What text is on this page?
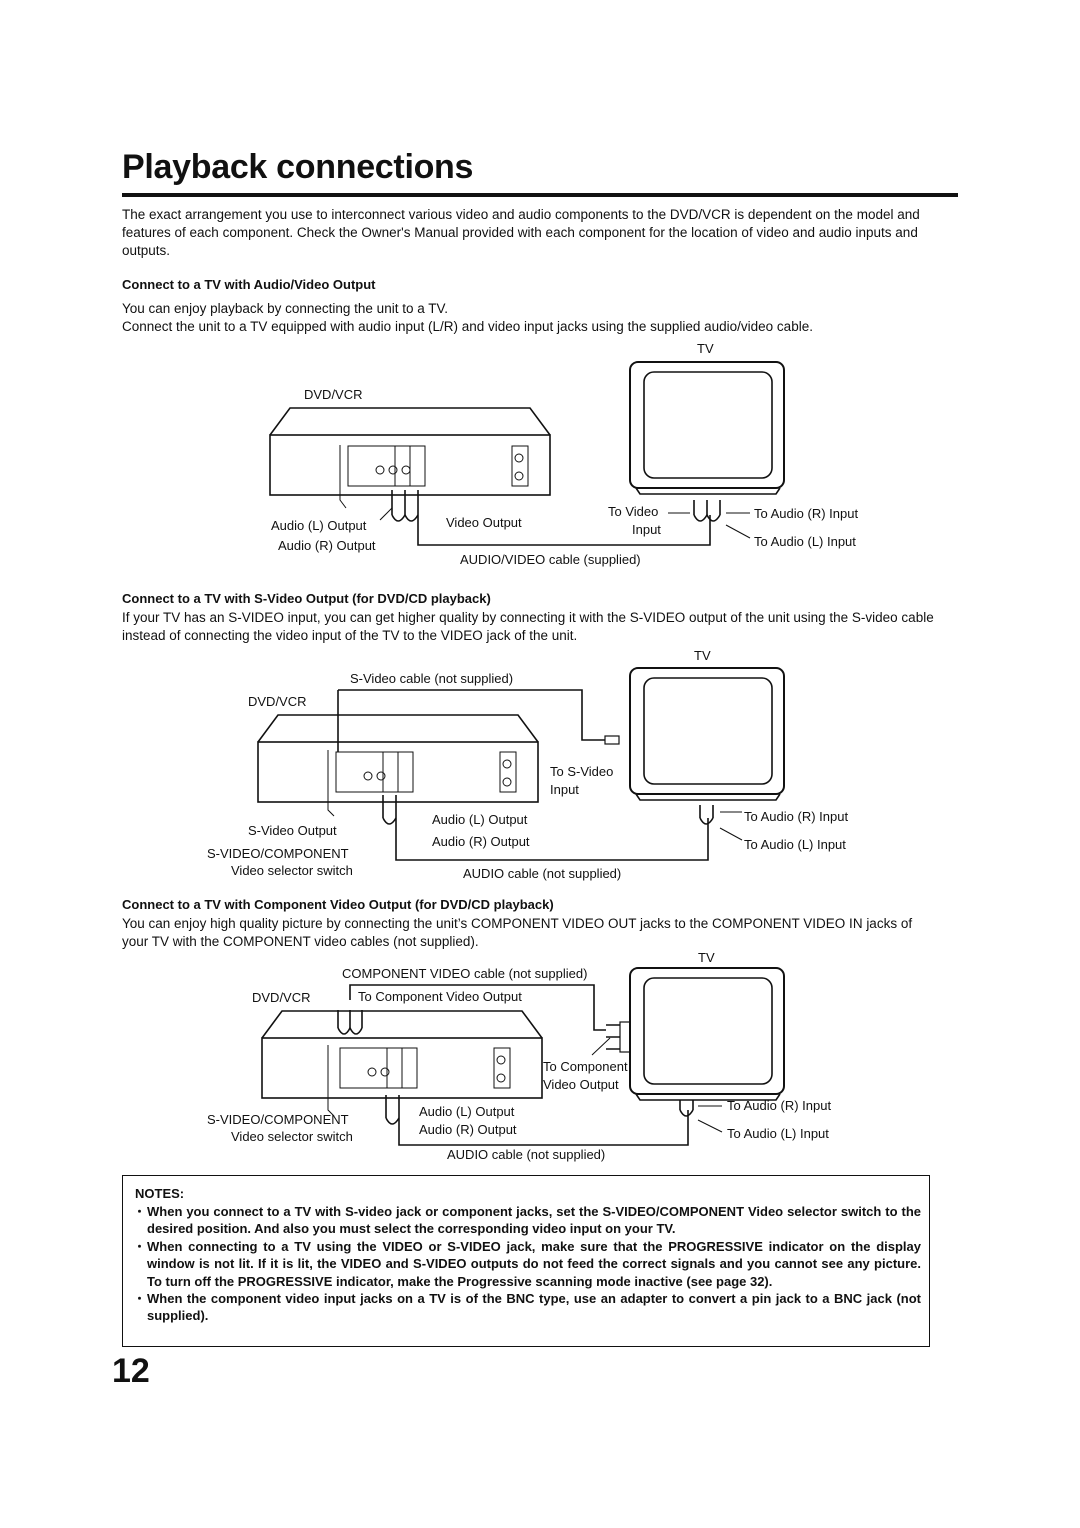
Playback connections
The exact arrangement you use to interconnect various video and audio components to the DVD/VCR is dependent on the model and features of each component. Check the Owner's Manual provided with each component for the location of video and audio inputs and outputs.
Connect to a TV with Audio/Video Output
You can enjoy playback by connecting the unit to a TV.
Connect the unit to a TV equipped with audio input (L/R) and video input jacks using the supplied audio/video cable.
TV
DVD/VCR
Audio (L) Output
Audio (R) Output
Video Output
To Video
Input
To Audio (R) Input
To Audio (L) Input
AUDIO/VIDEO cable (supplied)
Connect to a TV with S-Video Output (for DVD/CD playback)
If your TV has an S-VIDEO input, you can get higher quality by connecting it with the S-VIDEO output of the unit using the S-video cable instead of connecting the video input of the TV to the VIDEO jack of the unit.
TV
S-Video cable (not supplied)
DVD/VCR
To S-Video
Input
S-Video Output
S-VIDEO/COMPONENT
Video selector switch
Audio (L) Output
Audio (R) Output
To Audio (R) Input
To Audio (L) Input
AUDIO cable (not supplied)
Connect to a TV with Component Video Output (for DVD/CD playback)
You can enjoy high quality picture by connecting the unit’s COMPONENT VIDEO OUT jacks to the COMPONENT VIDEO IN jacks of your TV with the COMPONENT video cables (not supplied).
TV
COMPONENT VIDEO cable (not supplied)
DVD/VCR	To Component Video Output
To Component
Video Output
S-VIDEO/COMPONENT
Video selector switch
Audio (L) Output
Audio (R) Output
To Audio (R) Input
To Audio (L) Input
AUDIO cable (not supplied)
NOTES:
・ When you connect to a TV with S-video jack or component jacks, set the S-VIDEO/COMPONENT Video selector switch to the desired position. And also you must select the corresponding video input on your TV.
・ When connecting to a TV using the VIDEO or S-VIDEO jack, make sure that the PROGRESSIVE indicator on the display window is not lit. If it is lit, the VIDEO and S-VIDEO outputs do not feed the correct signals and you cannot see any picture. To turn off the PROGRESSIVE indicator, make the Progressive scanning mode inactive (see page 32).
・ When the component video input jacks on a TV is of the BNC type, use an adapter to convert a pin jack to a BNC jack (not supplied).
12
